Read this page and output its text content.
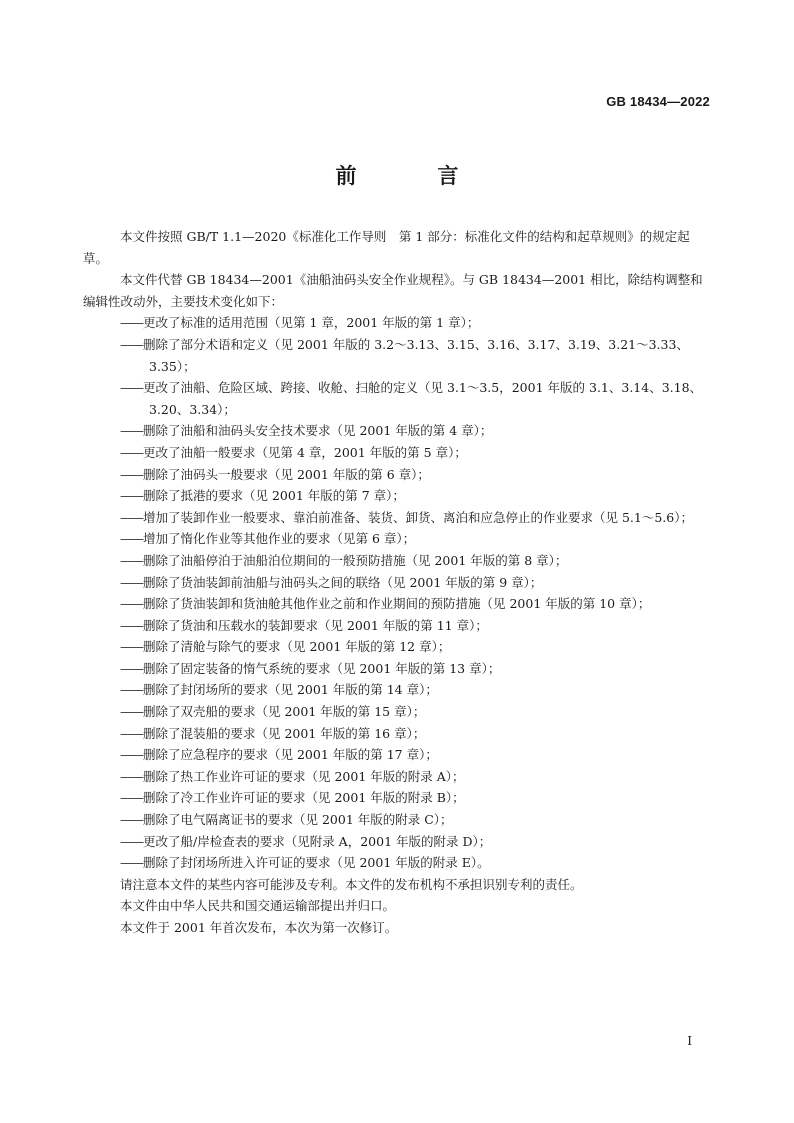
GB 18434—2022
前　言

本文件按照 GB/T 1.1—2020《标准化工作导则　第 1 部分：标准化文件的结构和起草规则》的规定起草。

本文件代替 GB 18434—2001《油船油码头安全作业规程》。与 GB 18434—2001 相比，除结构调整和编辑性改动外，主要技术变化如下：

——更改了标准的适用范围（见第 1 章，2001 年版的第 1 章）；

——删除了部分术语和定义（见 2001 年版的 3.2～3.13、3.15、3.16、3.17、3.19、3.21～3.33、3.35）；

——更改了油船、危险区域、跨接、收舱、扫舱的定义（见 3.1～3.5，2001 年版的 3.1、3.14、3.18、3.20、3.34）；

——删除了油船和油码头安全技术要求（见 2001 年版的第 4 章）；

——更改了油船一般要求（见第 4 章，2001 年版的第 5 章）；

——删除了油码头一般要求（见 2001 年版的第 6 章）；

——删除了抵港的要求（见 2001 年版的第 7 章）；

——增加了装卸作业一般要求、靠泊前准备、装货、卸货、离泊和应急停止的作业要求（见 5.1～5.6）；

——增加了惰化作业等其他作业的要求（见第 6 章）；

——删除了油船停泊于油船泊位期间的一般预防措施（见 2001 年版的第 8 章）；

——删除了货油装卸前油船与油码头之间的联络（见 2001 年版的第 9 章）；

——删除了货油装卸和货油舱其他作业之前和作业期间的预防措施（见 2001 年版的第 10 章）；

——删除了货油和压载水的装卸要求（见 2001 年版的第 11 章）；

——删除了清舱与除气的要求（见 2001 年版的第 12 章）；

——删除了固定装备的惰气系统的要求（见 2001 年版的第 13 章）；

——删除了封闭场所的要求（见 2001 年版的第 14 章）；

——删除了双壳船的要求（见 2001 年版的第 15 章）；

——删除了混装船的要求（见 2001 年版的第 16 章）；

——删除了应急程序的要求（见 2001 年版的第 17 章）；

——删除了热工作业许可证的要求（见 2001 年版的附录 A）；

——删除了冷工作业许可证的要求（见 2001 年版的附录 B）；

——删除了电气隔离证书的要求（见 2001 年版的附录 C）；

——更改了船/岸检查表的要求（见附录 A，2001 年版的附录 D）；

——删除了封闭场所进入许可证的要求（见 2001 年版的附录 E）。

请注意本文件的某些内容可能涉及专利。本文件的发布机构不承担识别专利的责任。

本文件由中华人民共和国交通运输部提出并归口。

本文件于 2001 年首次发布，本次为第一次修订。

I
